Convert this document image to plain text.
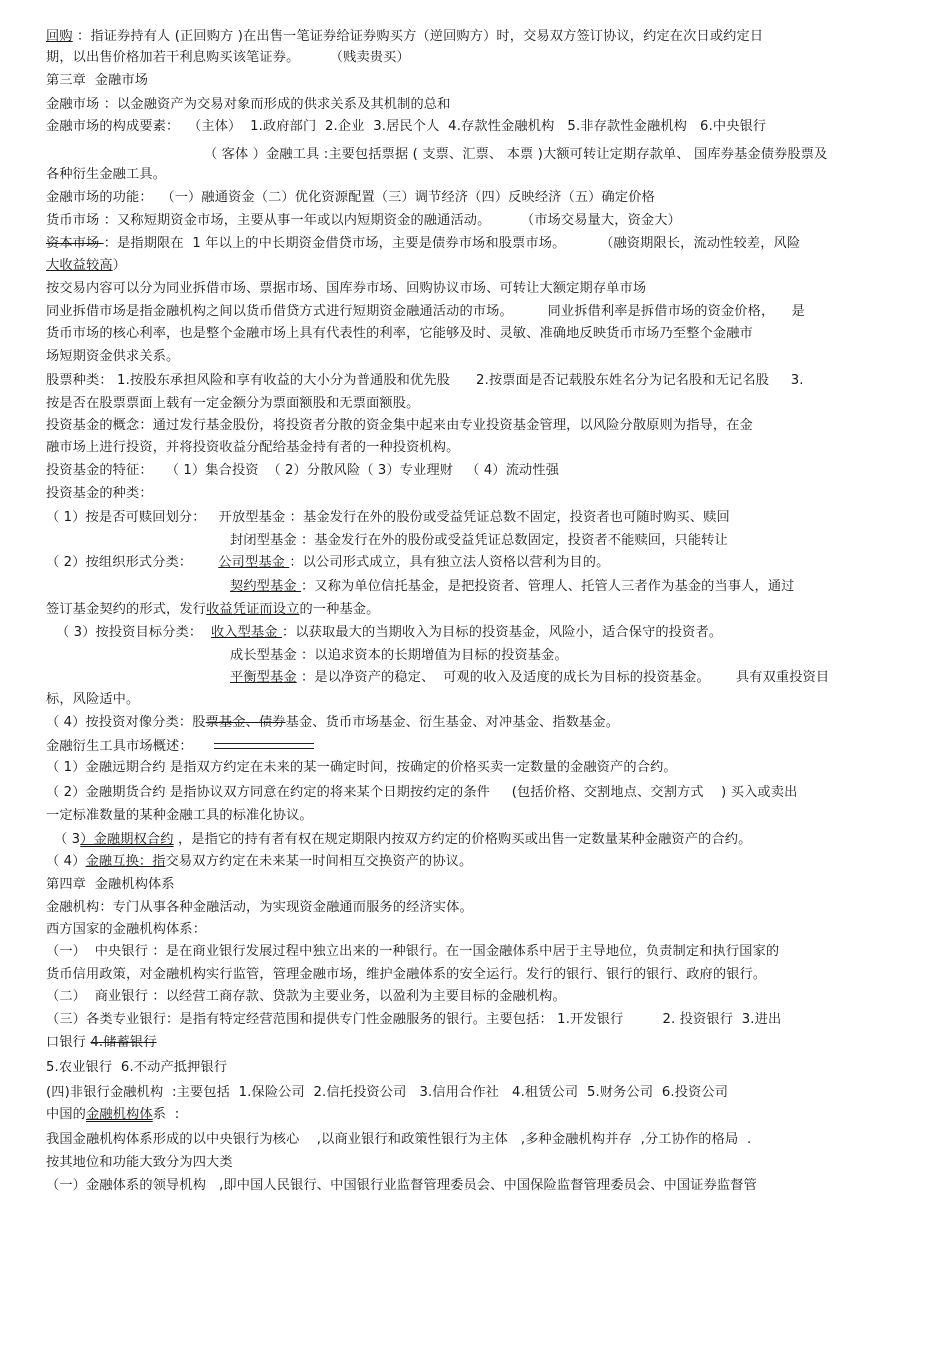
回购 ：指证券持有人 (正回购方 )在出售一笔证券给证券购买方（逆回购方）时，交易双方签订协议，约定在次日或约定日
期，以出售价格加若干利息购买该笔证券。       （贱卖贵买）
第三章  金融市场
金融市场 ：以金融资产为交易对象而形成的供求关系及其机制的总和
金融市场的构成要素：  （主体）  1.政府部门  2.企业  3.居民个人  4.存款性金融机构   5.非存款性金融机构   6.中央银行
（ 客体 ）金融工具 :主要包括票据 ( 支票、汇票、 本票 )大额可转让定期存款单、 国库券基金债券股票及
各种衍生金融工具。
金融市场的功能：  （一）融通资金（二）优化资源配置（三）调节经济（四）反映经济（五）确定价格
货币市场 ：又称短期资金市场，主要从事一年或以内短期资金的融通活动。       （市场交易量大，资金大）
资本市场 ：是指期限在  1 年以上的中长期资金借贷市场，主要是债券市场和股票市场。        （融资期限长，流动性较差，风险
大收益较高）
按交易内容可以分为同业拆借市场、票据市场、国库券市场、回购协议市场、可转让大额定期存单市场
同业拆借市场是指金融机构之间以货币借贷方式进行短期资金融通活动的市场。        同业拆借利率是拆借市场的资金价格，    是
货币市场的核心利率，也是整个金融市场上具有代表性的利率，它能够及时、灵敏、准确地反映货币市场乃至整个金融市
场短期资金供求关系。
股票种类： 1.按股东承担风险和享有收益的大小分为普通股和优先股      2.按票面是否记载股东姓名分为记名股和无记名股     3.
按是否在股票票面上载有一定金额分为票面额股和无票面额股。
投资基金的概念：通过发行基金股份，将投资者分散的资金集中起来由专业投资基金管理，以风险分散原则为指导，在金
融市场上进行投资，并将投资收益分配给基金持有者的一种投资机构。
投资基金的特征：   （ 1）集合投资  （ 2）分散风险（ 3）专业理财   （ 4）流动性强
投资基金的种类：
（ 1）按是否可赎回划分：   开放型基金 ：基金发行在外的股份或受益凭证总数不固定，投资者也可随时购买、赎回
封闭型基金 ：基金发行在外的股份或受益凭证总数固定，投资者不能赎回，只能转让
（ 2）按组织形式分类：      公司型基金 ：以公司形式成立，具有独立法人资格以营利为目的。
契约型基金 ：又称为单位信托基金，是把投资者、管理人、托管人三者作为基金的当事人，通过
签订基金契约的形式，发行收益凭证而设立的一种基金。
（ 3）按投资目标分类：  收入型基金 ：以获取最大的当期收入为目标的投资基金，风险小，适合保守的投资者。
成长型基金 ：以追求资本的长期增值为目标的投资基金。
平衡型基金 ：是以净资产的稳定、  可观的收入及适度的成长为目标的投资基金。      具有双重投资目
标，风险适中。
（ 4）按投资对像分类：股票基金、债券基金、货币市场基金、衍生基金、对冲基金、指数基金。
金融衍生工具市场概述：
（ 1）金融远期合约 是指双方约定在未来的某一确定时间，按确定的价格买卖一定数量的金融资产的合约。
（ 2）金融期货合约 是指协议双方同意在约定的将来某个日期按约定的条件     (包括价格、交割地点、交割方式    ) 买入或卖出
一定标准数量的某种金融工具的标准化协议。
（ 3）金融期权合约 ，是指它的持有者有权在规定期限内按双方约定的价格购买或出售一定数量某种金融资产的合约。
（ 4）金融互换：指交易双方约定在未来某一时间相互交换资产的协议。
第四章  金融机构体系
金融机构：专门从事各种金融活动，为实现资金融通而服务的经济实体。
西方国家的金融机构体系：
（一）  中央银行 ：是在商业银行发展过程中独立出来的一种银行。在一国金融体系中居于主导地位，负责制定和执行国家的
货币信用政策，对金融机构实行监管，管理金融市场，维护金融体系的安全运行。发行的银行、银行的银行、政府的银行。
（二）  商业银行 ：以经营工商存款、贷款为主要业务，以盈利为主要目标的金融机构。
（三）各类专业银行：是指有特定经营范围和提供专门性金融服务的银行。主要包括： 1.开发银行         2. 投资银行  3.进出
口银行 4.储蓄银行
5.农业银行  6.不动产抵押银行
(四)非银行金融机构  :主要包括  1.保险公司  2.信托投资公司   3.信用合作社   4.租赁公司  5.财务公司  6.投资公司
中国的金融机构体系  :
我国金融机构体系形成的以中央银行为核心    ,以商业银行和政策性银行为主体   ,多种金融机构并存  ,分工协作的格局  .
按其地位和功能大致分为四大类
（一）金融体系的领导机构   ,即中国人民银行、中国银行业监督管理委员会、中国保险监督管理委员会、中国证券监督管
